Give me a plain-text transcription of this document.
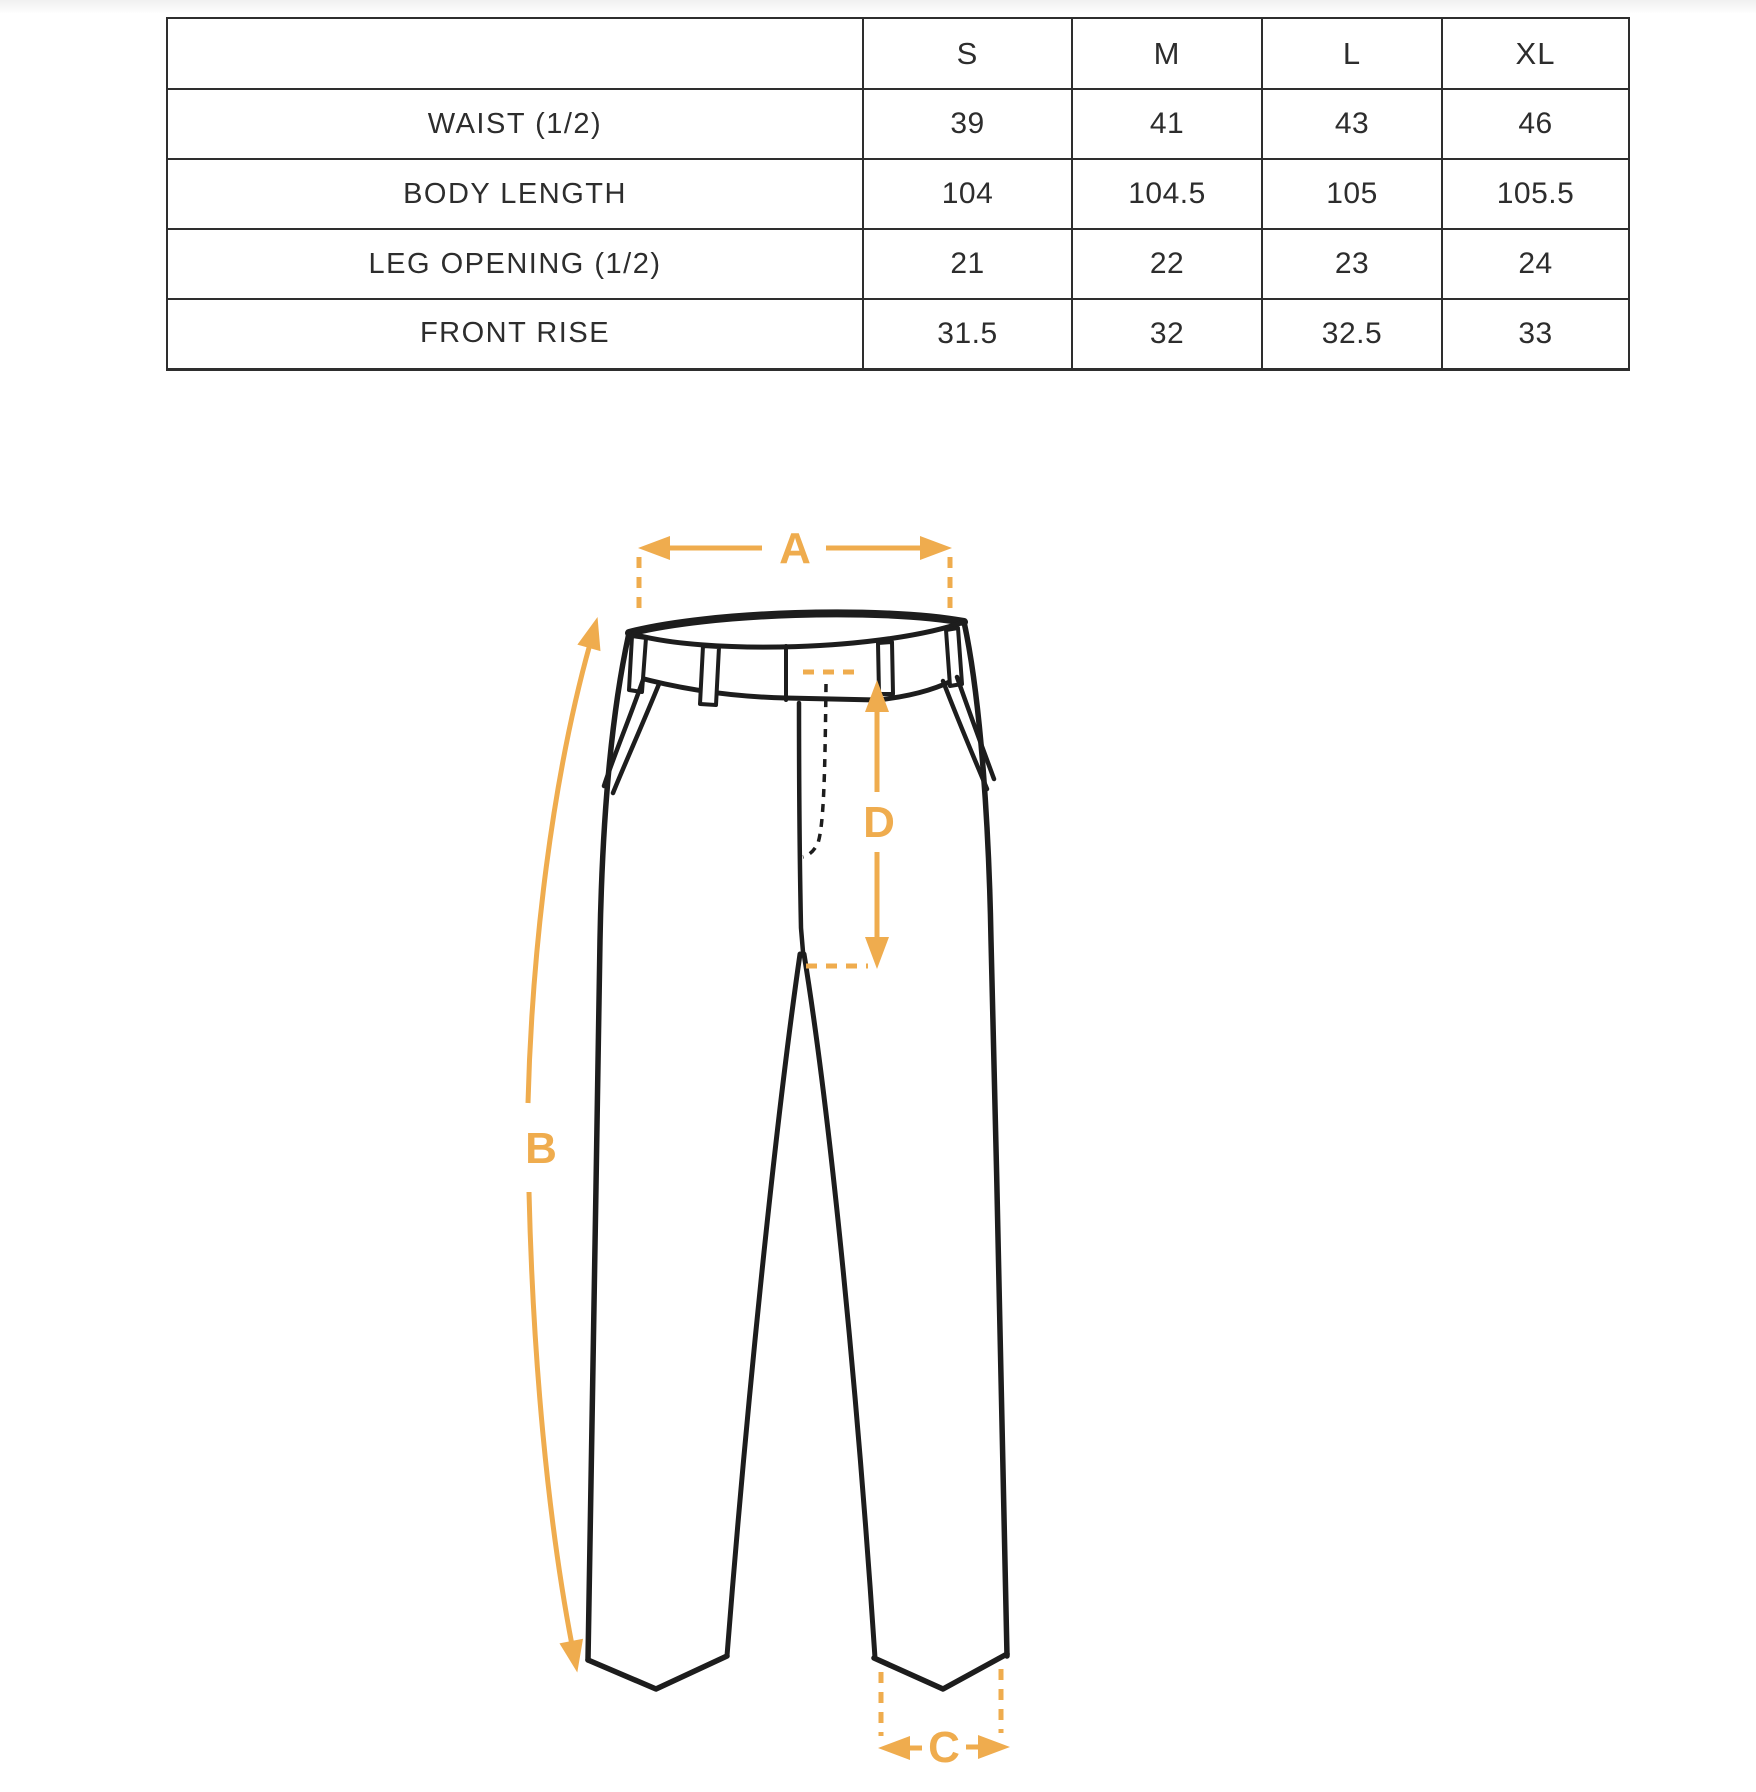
	S	M	L	XL
WAIST (1/2)	39	41	43	46
BODY LENGTH	104	104.5	105	105.5
LEG OPENING (1/2)	21	22	23	24
FRONT RISE	31.5	32	32.5	33
A
B
D
C
